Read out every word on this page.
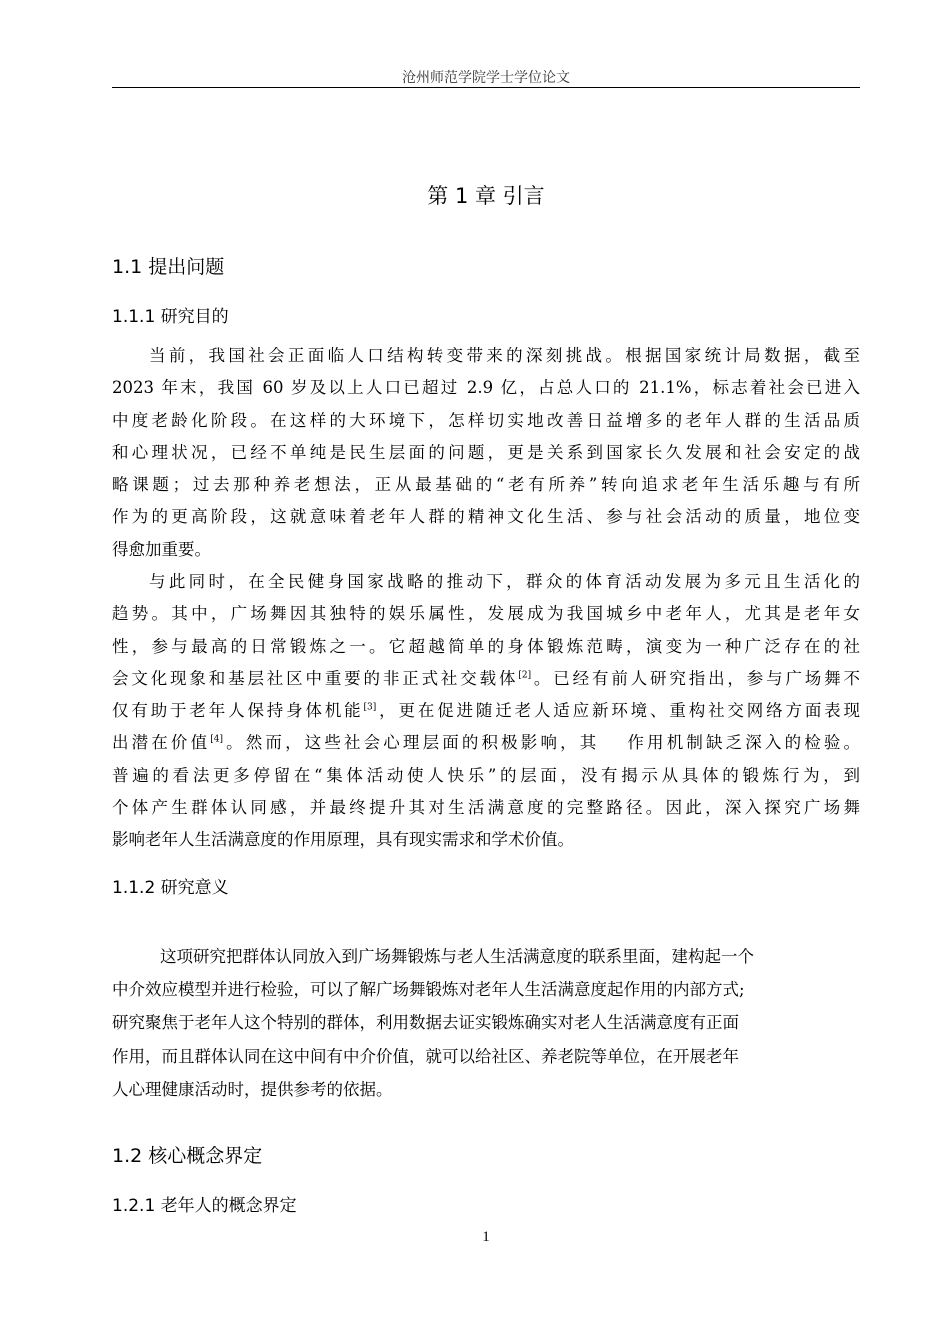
沧州师范学院学士学位论文
第 1 章 引言
1.1 提出问题
1.1.1 研究目的
当前，我国社会正面临人口结构转变带来的深刻挑战。根据国家统计局数据，截至
2023 年末，我国 60 岁及以上人口已超过 2.9 亿，占总人口的 21.1%，标志着社会已进入
中度老龄化阶段。在这样的大环境下，怎样切实地改善日益增多的老年人群的生活品质
和心理状况，已经不单纯是民生层面的问题，更是关系到国家长久发展和社会安定的战
略课题；过去那种养老想法，正从最基础的“老有所养”转向追求老年生活乐趣与有所
作为的更高阶段，这就意味着老年人群的精神文化生活、参与社会活动的质量，地位变
得愈加重要。
与此同时，在全民健身国家战略的推动下，群众的体育活动发展为多元且生活化的
趋势。其中，广场舞因其独特的娱乐属性，发展成为我国城乡中老年人，尤其是老年女
性，参与最高的日常锻炼之一。它超越简单的身体锻炼范畴，演变为一种广泛存在的社
会文化现象和基层社区中重要的非正式社交载体[2]。已经有前人研究指出，参与广场舞不
仅有助于老年人保持身体机能[3]，更在促进随迁老人适应新环境、重构社交网络方面表现
出潜在价值[4]。然而，这些社会心理层面的积极影响，其　 作用机制缺乏深入的检验。
普遍的看法更多停留在“集体活动使人快乐”的层面，没有揭示从具体的锻炼行为，到
个体产生群体认同感，并最终提升其对生活满意度的完整路径。因此，深入探究广场舞
影响老年人生活满意度的作用原理，具有现实需求和学术价值。
1.1.2 研究意义
这项研究把群体认同放入到广场舞锻炼与老人生活满意度的联系里面，建构起一个
中介效应模型并进行检验，可以了解广场舞锻炼对老年人生活满意度起作用的内部方式;
研究聚焦于老年人这个特别的群体，利用数据去证实锻炼确实对老人生活满意度有正面
作用，而且群体认同在这中间有中介价值，就可以给社区、养老院等单位，在开展老年
人心理健康活动时，提供参考的依据。
1.2 核心概念界定
1.2.1 老年人的概念界定
1
